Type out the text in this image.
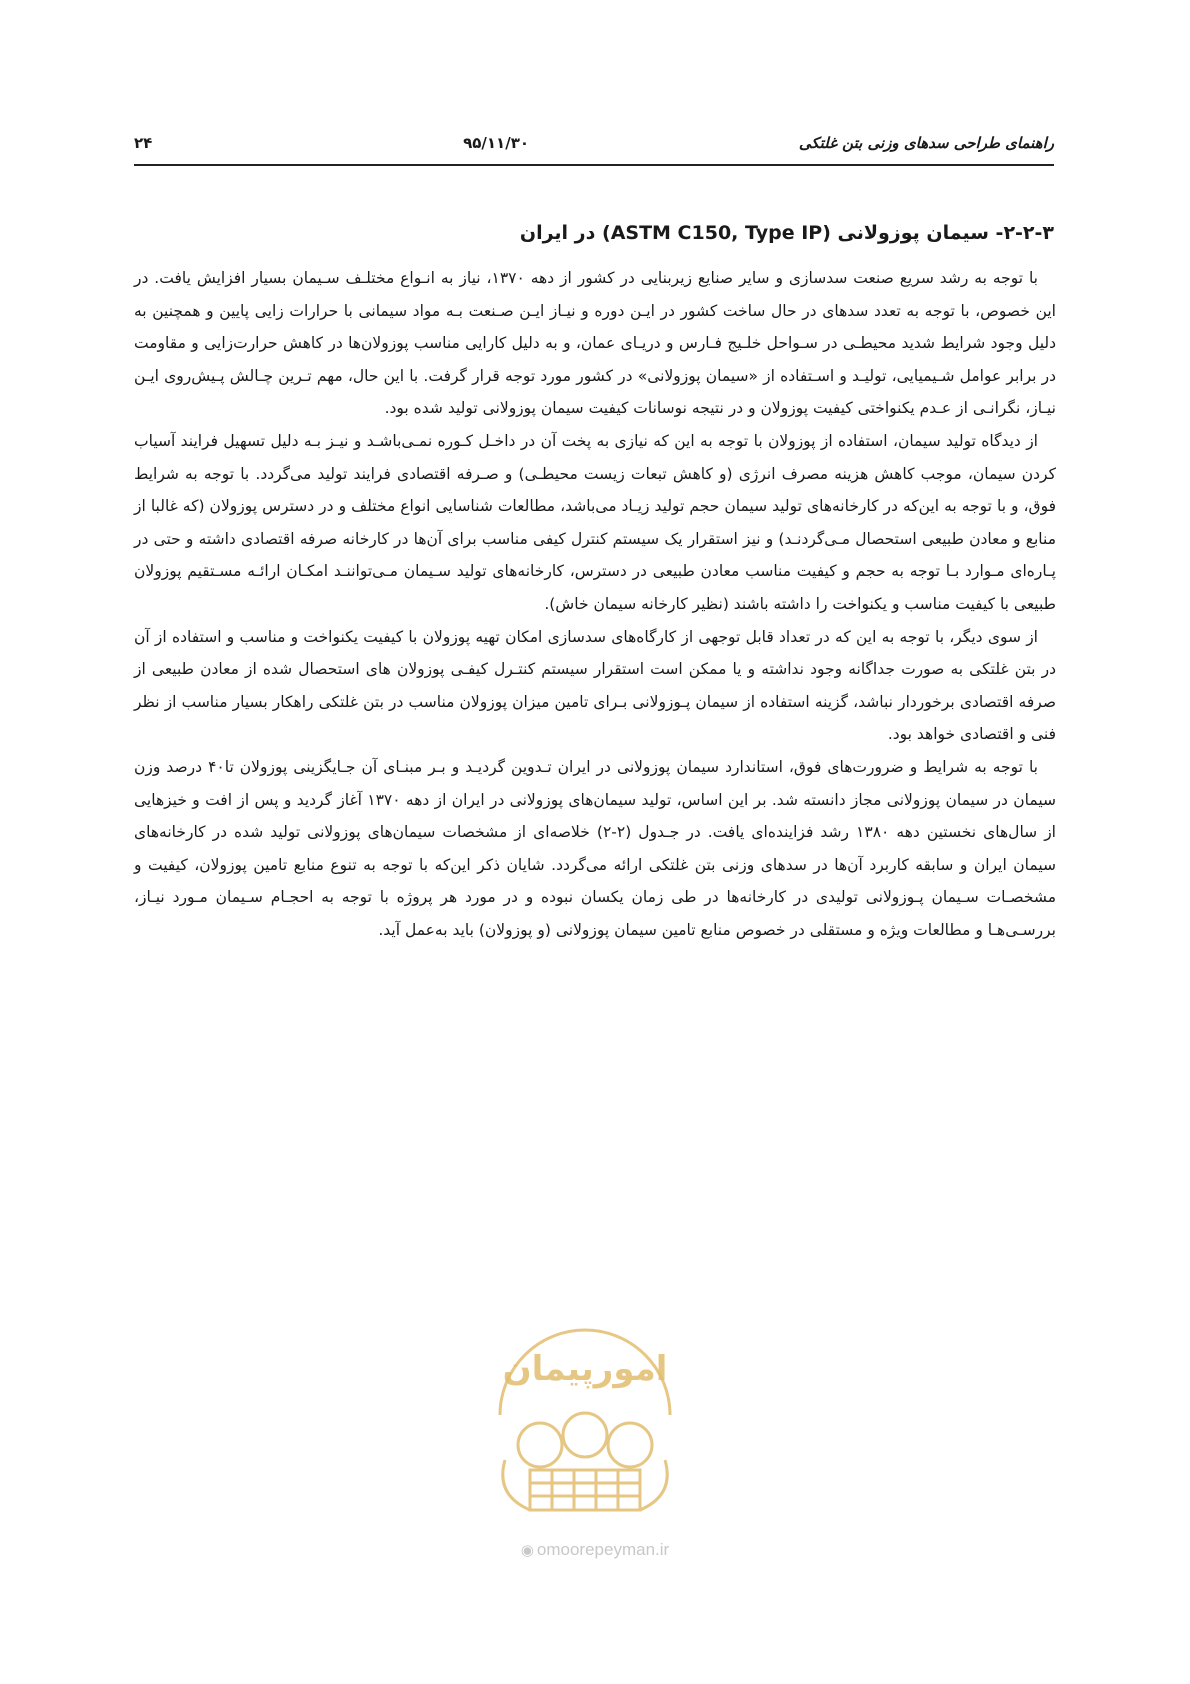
راهنمای طراحی سدهای وزنی بتن غلتکی
۹۵/۱۱/۳۰
۲۴
۲-۲-۳- سیمان پوزولانی (ASTM C150, Type IP) در ایران

با توجه به رشد سریع صنعت سدسازی و سایر صنایع زیربنایی در کشور از دهه ۱۳۷۰، نیاز به انـواع مختلـف سـیمان بسیار افزایش یافت. در این خصوص، با توجه به تعدد سدهای در حال ساخت کشور در ایـن دوره و نیـاز ایـن صـنعت بـه مواد سیمانی با حرارات زایی پایین و همچنین به دلیل وجود شرایط شدید محیطـی در سـواحل خلـیج فـارس و دریـای عمان، و به دلیل کارایی مناسب پوزولان‌ها در کاهش حرارت‌زایی و مقاومت در برابر عوامل شـیمیایی، تولیـد و اسـتفاده از «سیمان پوزولانی» در کشور مورد توجه قرار گرفت. با این حال، مهم تـرین چـالش پـیش‌روی ایـن نیـاز، نگرانـی از عـدم یکنواختی کیفیت پوزولان و در نتیجه نوسانات کیفیت سیمان پوزولانی تولید شده بود.

از دیدگاه تولید سیمان، استفاده از پوزولان با توجه به این که نیازی به پخت آن در داخـل کـوره نمـی‌باشـد و نیـز بـه دلیل تسهیل فرایند آسیاب کردن سیمان، موجب کاهش هزینه مصرف انرژی (و کاهش تبعات زیست محیطـی) و صـرفه اقتصادی فرایند تولید می‌گردد. با توجه به شرایط فوق، و با توجه به این‌که در کارخانه‌های تولید سیمان حجم تولید زیـاد می‌باشد، مطالعات شناسایی انواع مختلف و در دسترس پوزولان (که غالبا از منابع و معادن طبیعی استحصال مـی‌گردنـد) و نیز استقرار یک سیستم کنترل کیفی مناسب برای آن‌ها در کارخانه صرفه اقتصادی داشته و حتی در پـاره‌ای مـوارد بـا توجه به حجم و کیفیت مناسب معادن طبیعی در دسترس، کارخانه‌های تولید سـیمان مـی‌تواننـد امکـان ارائـه مسـتقیم پوزولان طبیعی با کیفیت مناسب و یکنواخت را داشته باشند (نظیر کارخانه سیمان خاش).

از سوی دیگر، با توجه به این که در تعداد قابل توجهی از کارگاه‌های سدسازی امکان تهیه پوزولان با کیفیت یکنواخت و مناسب و استفاده از آن در بتن غلتکی به صورت جداگانه وجود نداشته و یا ممکن است استقرار سیستم کنتـرل کیفـی پوزولان های استحصال شده از معادن طبیعی از صرفه اقتصادی برخوردار نباشد، گزینه استفاده از سیمان پـوزولانی بـرای تامین میزان پوزولان مناسب در بتن غلتکی راهکار بسیار مناسب از نظر فنی و اقتصادی خواهد بود.

با توجه به شرایط و ضرورت‌های فوق، استاندارد سیمان پوزولانی در ایران تـدوین گردیـد و بـر مبنـای آن جـایگزینی پوزولان تا۴۰ درصد وزن سیمان در سیمان پوزولانی مجاز دانسته شد. بر این اساس، تولید سیمان‌های پوزولانی در ایران از دهه ۱۳۷۰ آغاز گردید و پس از افت و خیزهایی از سال‌های نخستین دهه ۱۳۸۰ رشد فزاینده‌ای یافت. در جـدول (۲-۲) خلاصه‌ای از مشخصات سیمان‌های پوزولانی تولید شده در کارخانه‌های سیمان ایران و سابقه کاربرد آن‌ها در سدهای وزنی بتن غلتکی ارائه می‌گردد. شایان ذکر این‌که با توجه به تنوع منابع تامین پوزولان، کیفیت و مشخصـات سـیمان پـوزولانی تولیدی در کارخانه‌ها در طی زمان یکسان نبوده و در مورد هر پروژه با توجه به احجـام سـیمان مـورد نیـاز، بررسـی‌هـا و مطالعات ویژه و مستقلی در خصوص منابع تامین سیمان پوزولانی (و پوزولان) باید به‌عمل آید.

امورپیمان
◉ omoorepeyman.ir
